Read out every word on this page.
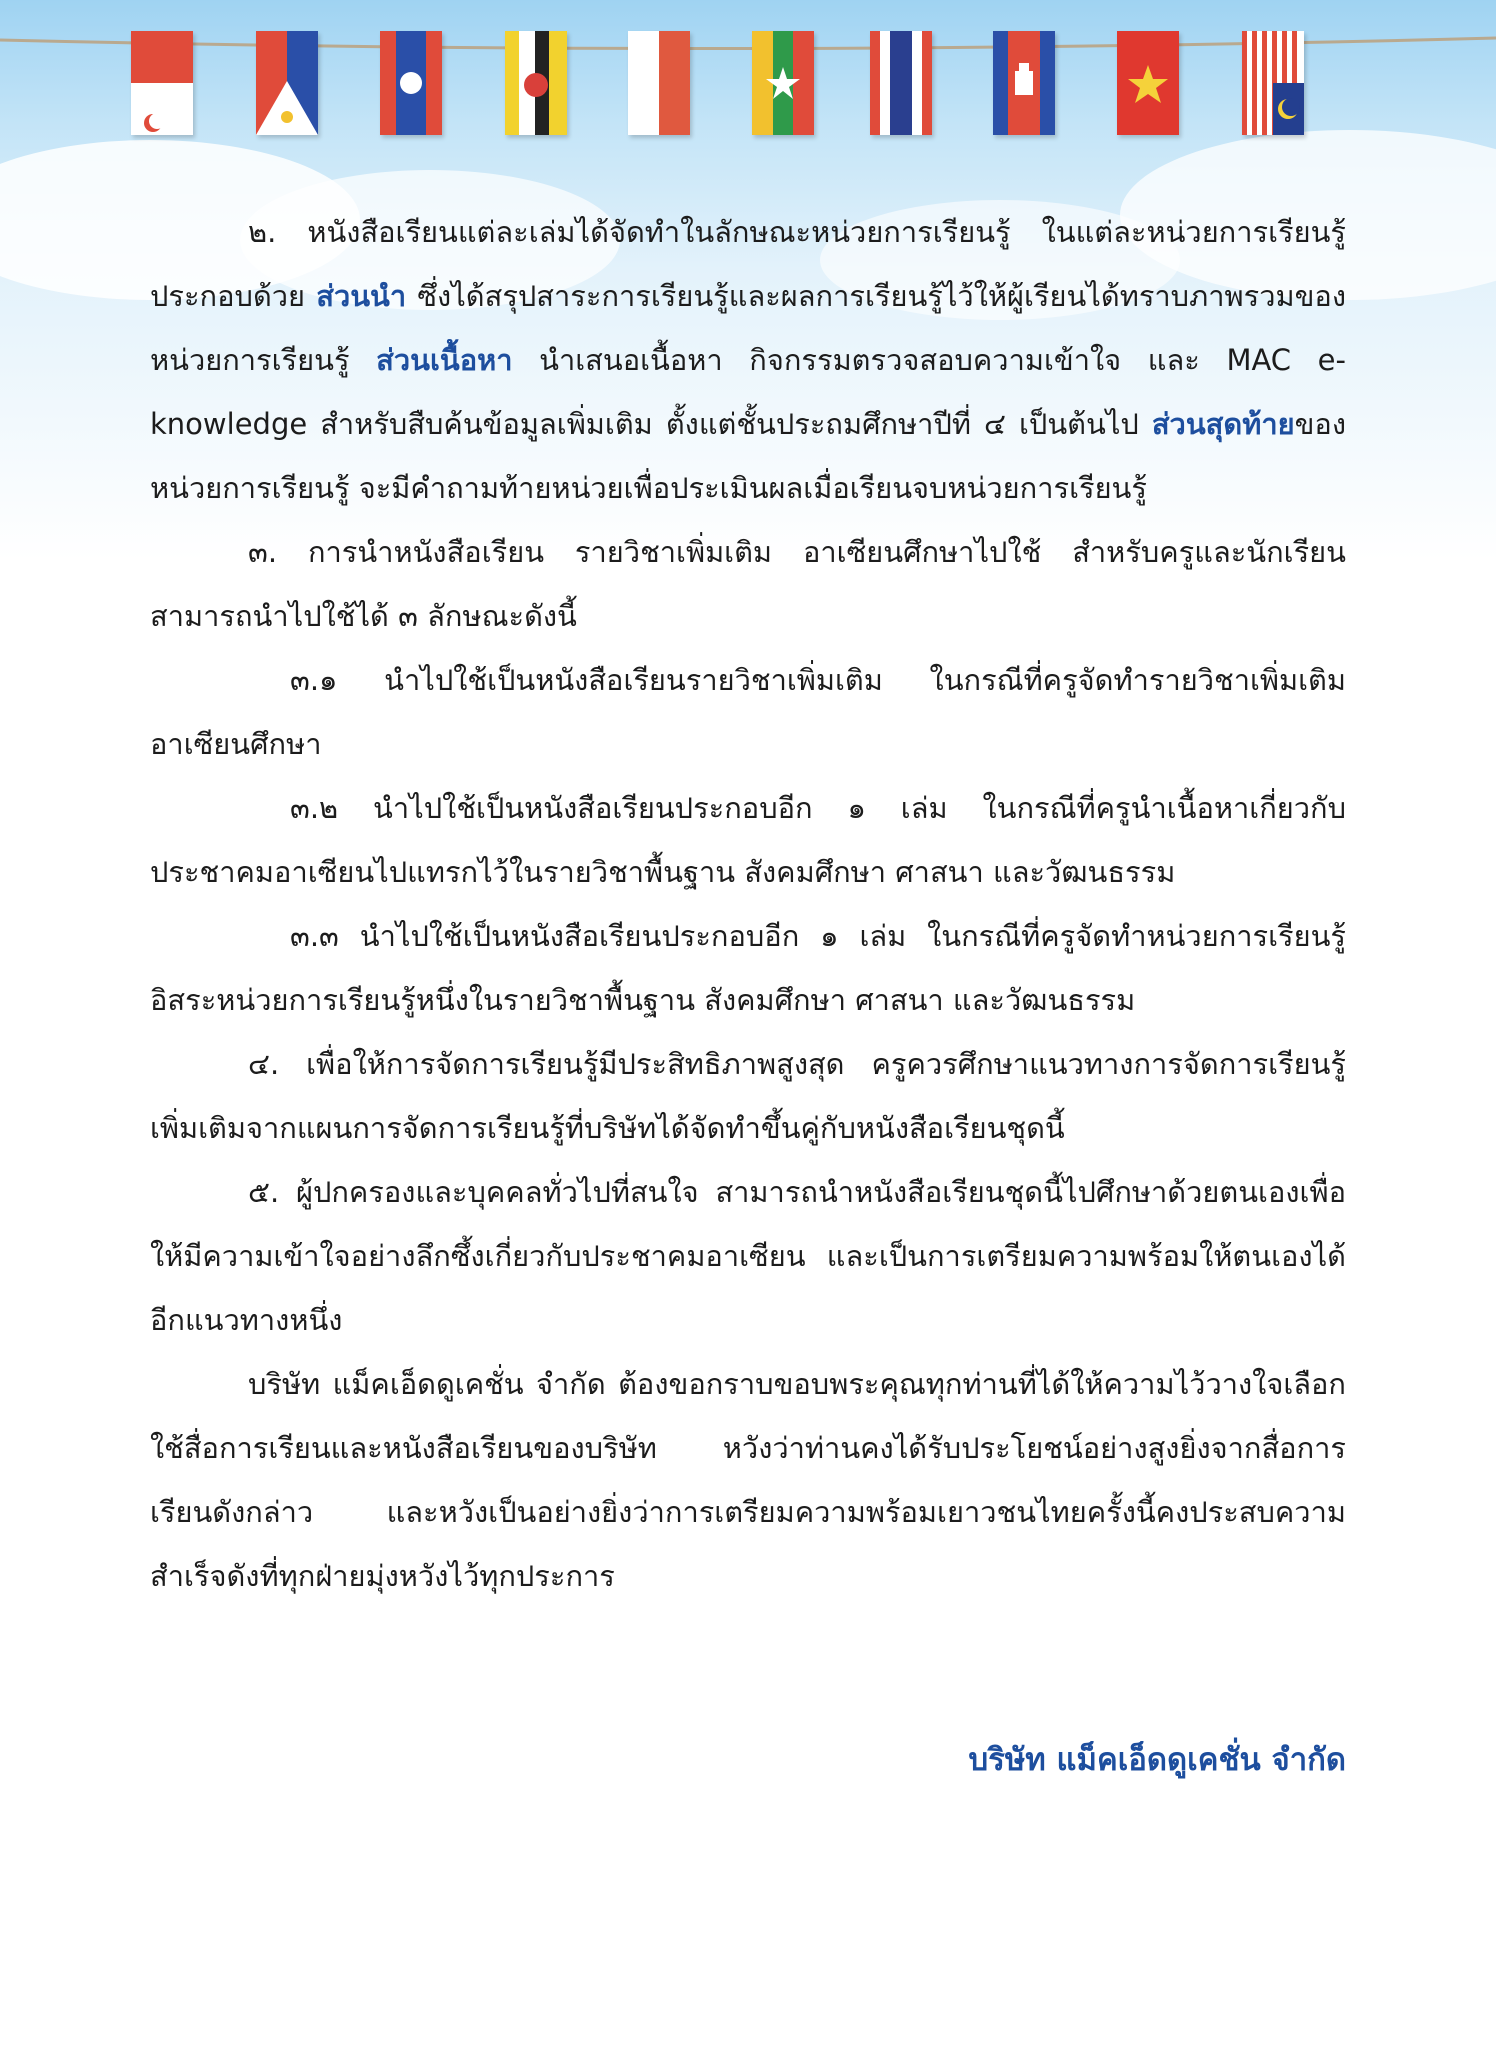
๒. หนังสือเรียนแต่ละเล่มได้จัดทำในลักษณะหน่วยการเรียนรู้ ในแต่ละหน่วยการเรียนรู้ประกอบด้วย ส่วนนำ ซึ่งได้สรุปสาระการเรียนรู้และผลการเรียนรู้ไว้ให้ผู้เรียนได้ทราบภาพรวมของหน่วยการเรียนรู้ ส่วนเนื้อหา นำเสนอเนื้อหา กิจกรรมตรวจสอบความเข้าใจ และ MAC e-knowledge สำหรับสืบค้นข้อมูลเพิ่มเติม ตั้งแต่ชั้นประถมศึกษาปีที่ ๔ เป็นต้นไป ส่วนสุดท้ายของหน่วยการเรียนรู้ จะมีคำถามท้ายหน่วยเพื่อประเมินผลเมื่อเรียนจบหน่วยการเรียนรู้

๓. การนำหนังสือเรียน รายวิชาเพิ่มเติม อาเซียนศึกษาไปใช้ สำหรับครูและนักเรียนสามารถนำไปใช้ได้ ๓ ลักษณะดังนี้

๓.๑ นำไปใช้เป็นหนังสือเรียนรายวิชาเพิ่มเติม ในกรณีที่ครูจัดทำรายวิชาเพิ่มเติมอาเซียนศึกษา

๓.๒ นำไปใช้เป็นหนังสือเรียนประกอบอีก ๑ เล่ม ในกรณีที่ครูนำเนื้อหาเกี่ยวกับประชาคมอาเซียนไปแทรกไว้ในรายวิชาพื้นฐาน สังคมศึกษา ศาสนา และวัฒนธรรม

๓.๓ นำไปใช้เป็นหนังสือเรียนประกอบอีก ๑ เล่ม ในกรณีที่ครูจัดทำหน่วยการเรียนรู้อิสระหน่วยการเรียนรู้หนึ่งในรายวิชาพื้นฐาน สังคมศึกษา ศาสนา และวัฒนธรรม

๔. เพื่อให้การจัดการเรียนรู้มีประสิทธิภาพสูงสุด ครูควรศึกษาแนวทางการจัดการเรียนรู้เพิ่มเติมจากแผนการจัดการเรียนรู้ที่บริษัทได้จัดทำขึ้นคู่กับหนังสือเรียนชุดนี้

๕. ผู้ปกครองและบุคคลทั่วไปที่สนใจ สามารถนำหนังสือเรียนชุดนี้ไปศึกษาด้วยตนเองเพื่อให้มีความเข้าใจอย่างลึกซึ้งเกี่ยวกับประชาคมอาเซียน และเป็นการเตรียมความพร้อมให้ตนเองได้อีกแนวทางหนึ่ง

บริษัท แม็คเอ็ดดูเคชั่น จำกัด ต้องขอกราบขอบพระคุณทุกท่านที่ได้ให้ความไว้วางใจเลือกใช้สื่อการเรียนและหนังสือเรียนของบริษัท หวังว่าท่านคงได้รับประโยชน์อย่างสูงยิ่งจากสื่อการเรียนดังกล่าว และหวังเป็นอย่างยิ่งว่าการเตรียมความพร้อมเยาวชนไทยครั้งนี้คงประสบความสำเร็จดังที่ทุกฝ่ายมุ่งหวังไว้ทุกประการ

บริษัท แม็คเอ็ดดูเคชั่น จำกัด
